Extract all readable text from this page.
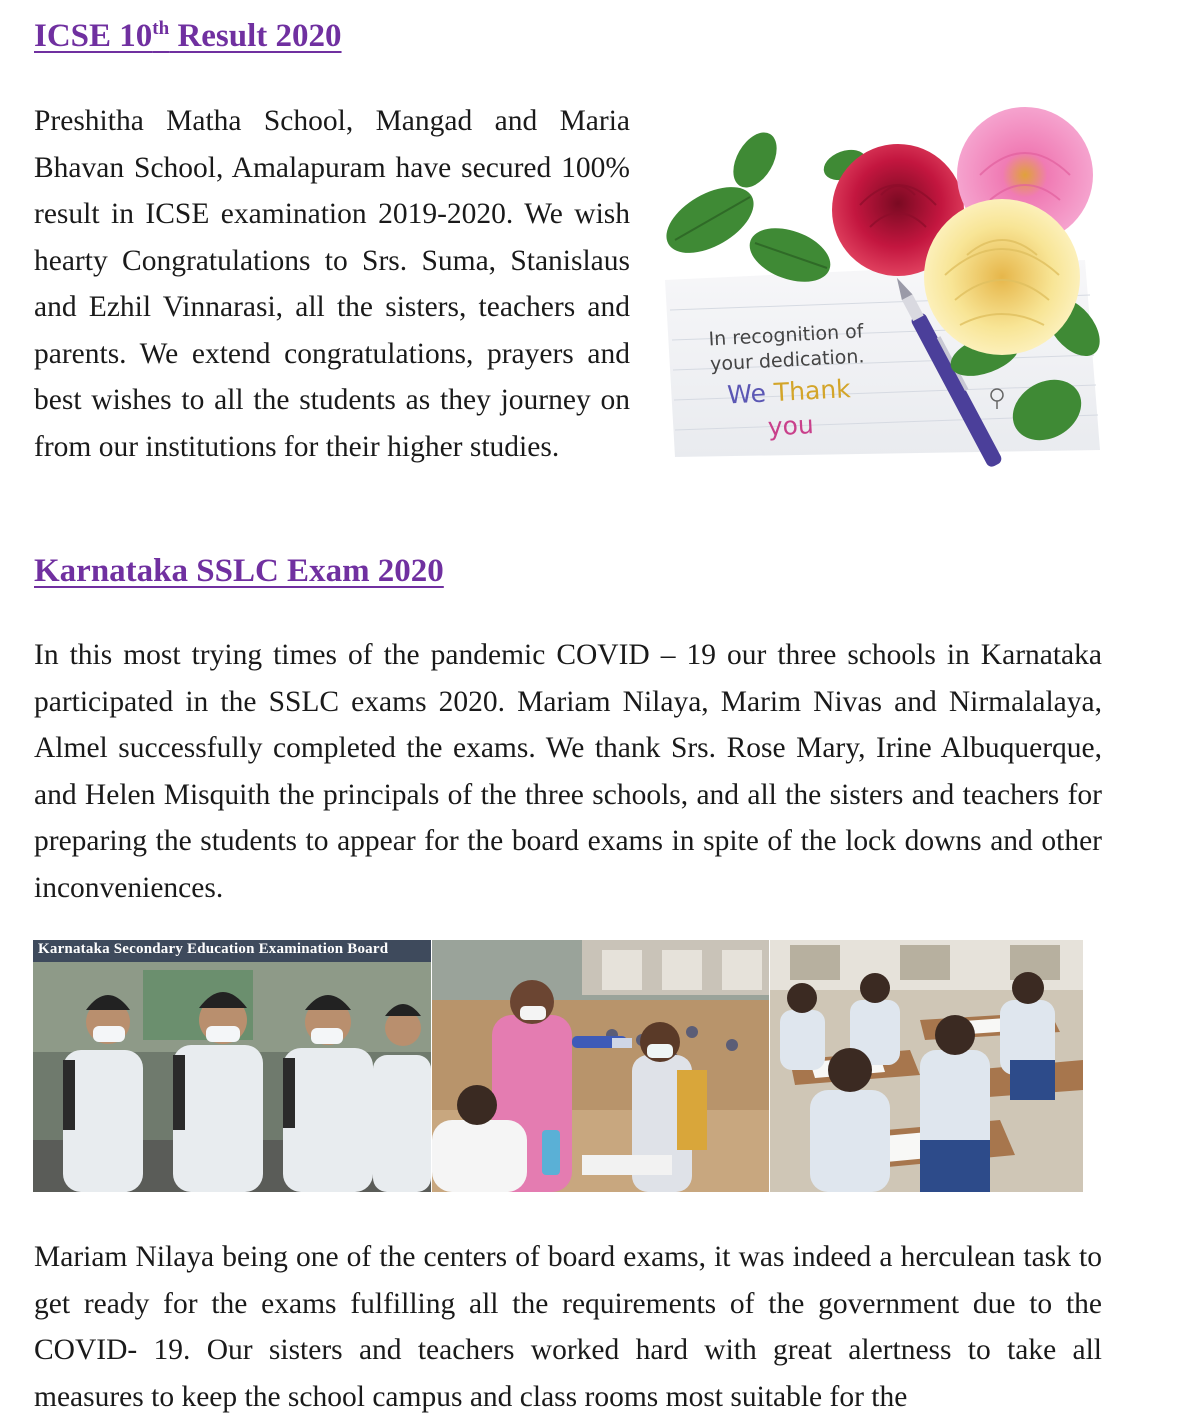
ICSE 10th Result 2020

Preshitha Matha School, Mangad and Maria Bhavan School, Amalapuram have secured 100% result in ICSE examination 2019-2020. We wish hearty Congratulations to Srs. Suma, Stanislaus and Ezhil Vinnarasi, all the sisters, teachers and parents. We extend congratulations, prayers and best wishes to all the students as they journey on from our institutions for their higher studies.

In recognition of
your dedication.
We Thank you
Karnataka SSLC Exam 2020

In this most trying times of the pandemic COVID – 19 our three schools in Karnataka participated in the SSLC exams 2020. Mariam Nilaya, Marim Nivas and Nirmalalaya, Almel successfully completed the exams. We thank Srs. Rose Mary, Irine Albuquerque, and Helen Misquith the principals of the three schools, and all the sisters and teachers for preparing the students to appear for the board exams in spite of the lock downs and other inconveniences.

Karnataka Secondary Education Examination Board

Mariam Nilaya being one of the centers of board exams, it was indeed a herculean task to get ready for the exams fulfilling all the requirements of the government due to the COVID- 19. Our sisters and teachers worked hard with great alertness to take all measures to keep the school campus and class rooms most suitable for the
